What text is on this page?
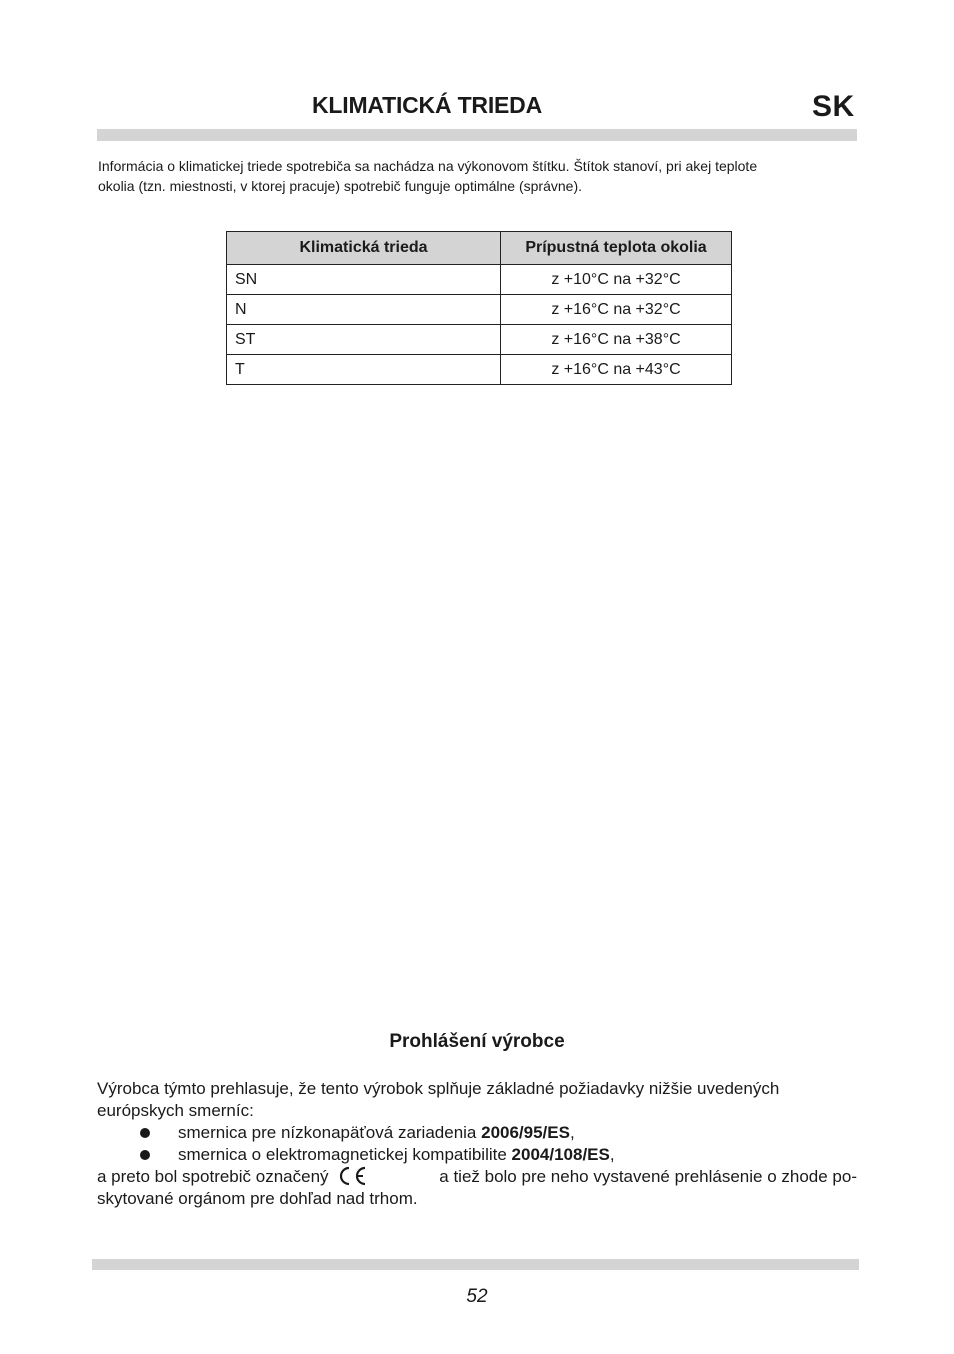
KLIMATICKÁ TRIEDA	SK
Informácia o klimatickej triede spotrebiča sa nachádza na výkonovom štítku. Štítok stanoví, pri akej teplote
okolia (tzn. miestnosti, v ktorej pracuje) spotrebič funguje optimálne (správne).
Klimatická trieda	Prípustná teplota okolia
SN	z +10°C na +32°C
N	z +16°C na +32°C
ST	z +16°C na +38°C
T	z +16°C na +43°C
Prohlášení výrobce
Výrobca týmto prehlasuje, že tento výrobok splňuje základné požiadavky nižšie uvedených
európskych smerníc:
smernica pre nízkonapäťová zariadenia 2006/95/ES,
smernica o elektromagnetickej kompatibilite 2004/108/ES,
a preto bol spotrebič označený	a tiež bolo pre neho vystavené prehlásenie o zhode po-
skytované orgánom pre dohľad nad trhom.
52
